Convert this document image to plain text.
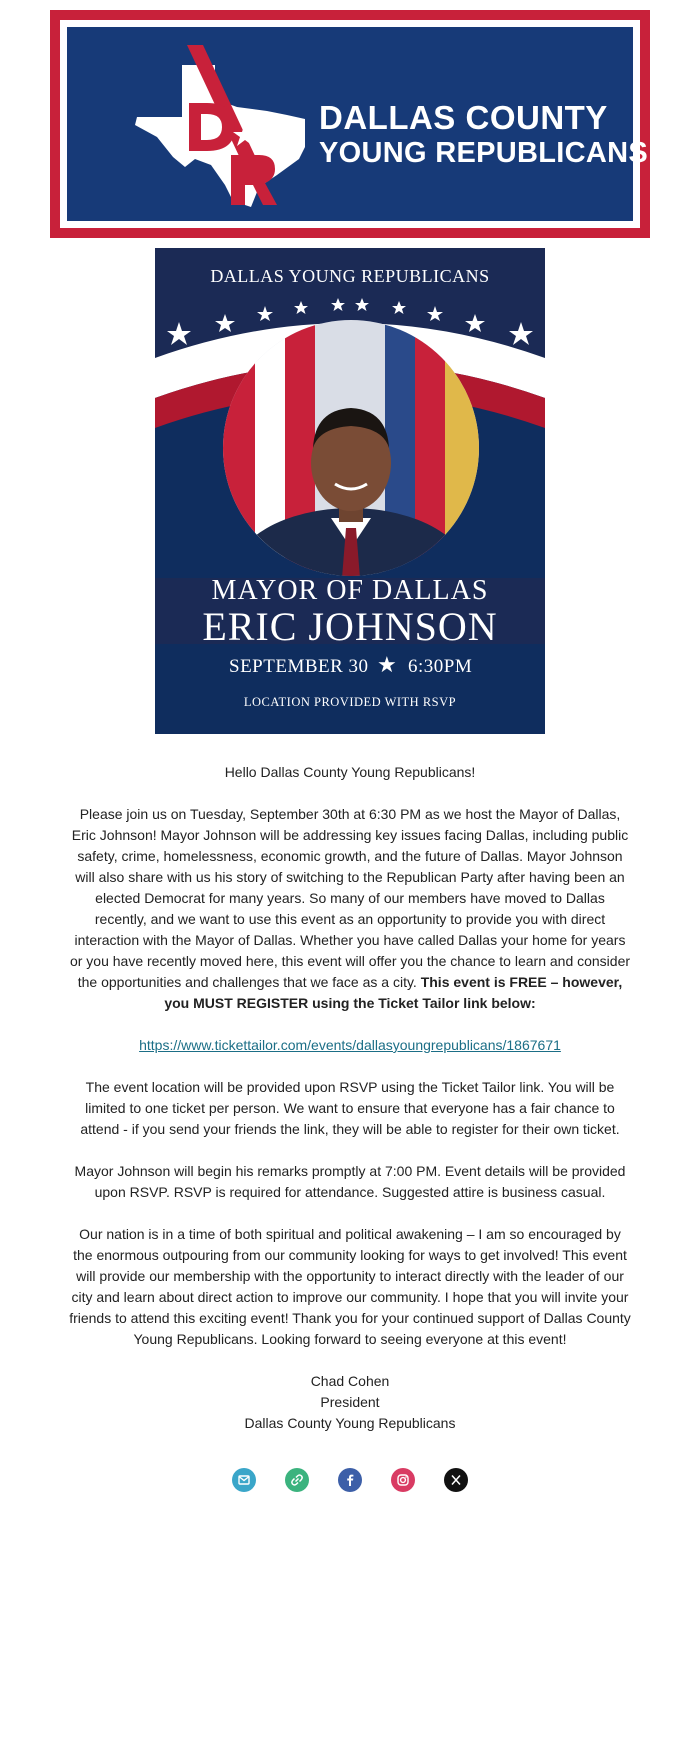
DALLAS COUNTY
YOUNG REPUBLICANS
DALLAS YOUNG REPUBLICANS
MAYOR OF DALLAS
ERIC JOHNSON
SEPTEMBER 30 ★ 6:30PM
LOCATION PROVIDED WITH RSVP

Hello Dallas County Young Republicans!

Please join us on Tuesday, September 30th at 6:30 PM as we host the Mayor of Dallas, Eric Johnson! Mayor Johnson will be addressing key issues facing Dallas, including public safety, crime, homelessness, economic growth, and the future of Dallas. Mayor Johnson will also share with us his story of switching to the Republican Party after having been an elected Democrat for many years. So many of our members have moved to Dallas recently, and we want to use this event as an opportunity to provide you with direct interaction with the Mayor of Dallas. Whether you have called Dallas your home for years or you have recently moved here, this event will offer you the chance to learn and consider the opportunities and challenges that we face as a city. This event is FREE – however, you MUST REGISTER using the Ticket Tailor link below:

https://www.tickettailor.com/events/dallasyoungrepublicans/1867671

The event location will be provided upon RSVP using the Ticket Tailor link. You will be limited to one ticket per person. We want to ensure that everyone has a fair chance to attend - if you send your friends the link, they will be able to register for their own ticket.

Mayor Johnson will begin his remarks promptly at 7:00 PM. Event details will be provided upon RSVP. RSVP is required for attendance. Suggested attire is business casual.

Our nation is in a time of both spiritual and political awakening – I am so encouraged by the enormous outpouring from our community looking for ways to get involved! This event will provide our membership with the opportunity to interact directly with the leader of our city and learn about direct action to improve our community. I hope that you will invite your friends to attend this exciting event! Thank you for your continued support of Dallas County Young Republicans. Looking forward to seeing everyone at this event!

Chad Cohen

President

Dallas County Young Republicans
